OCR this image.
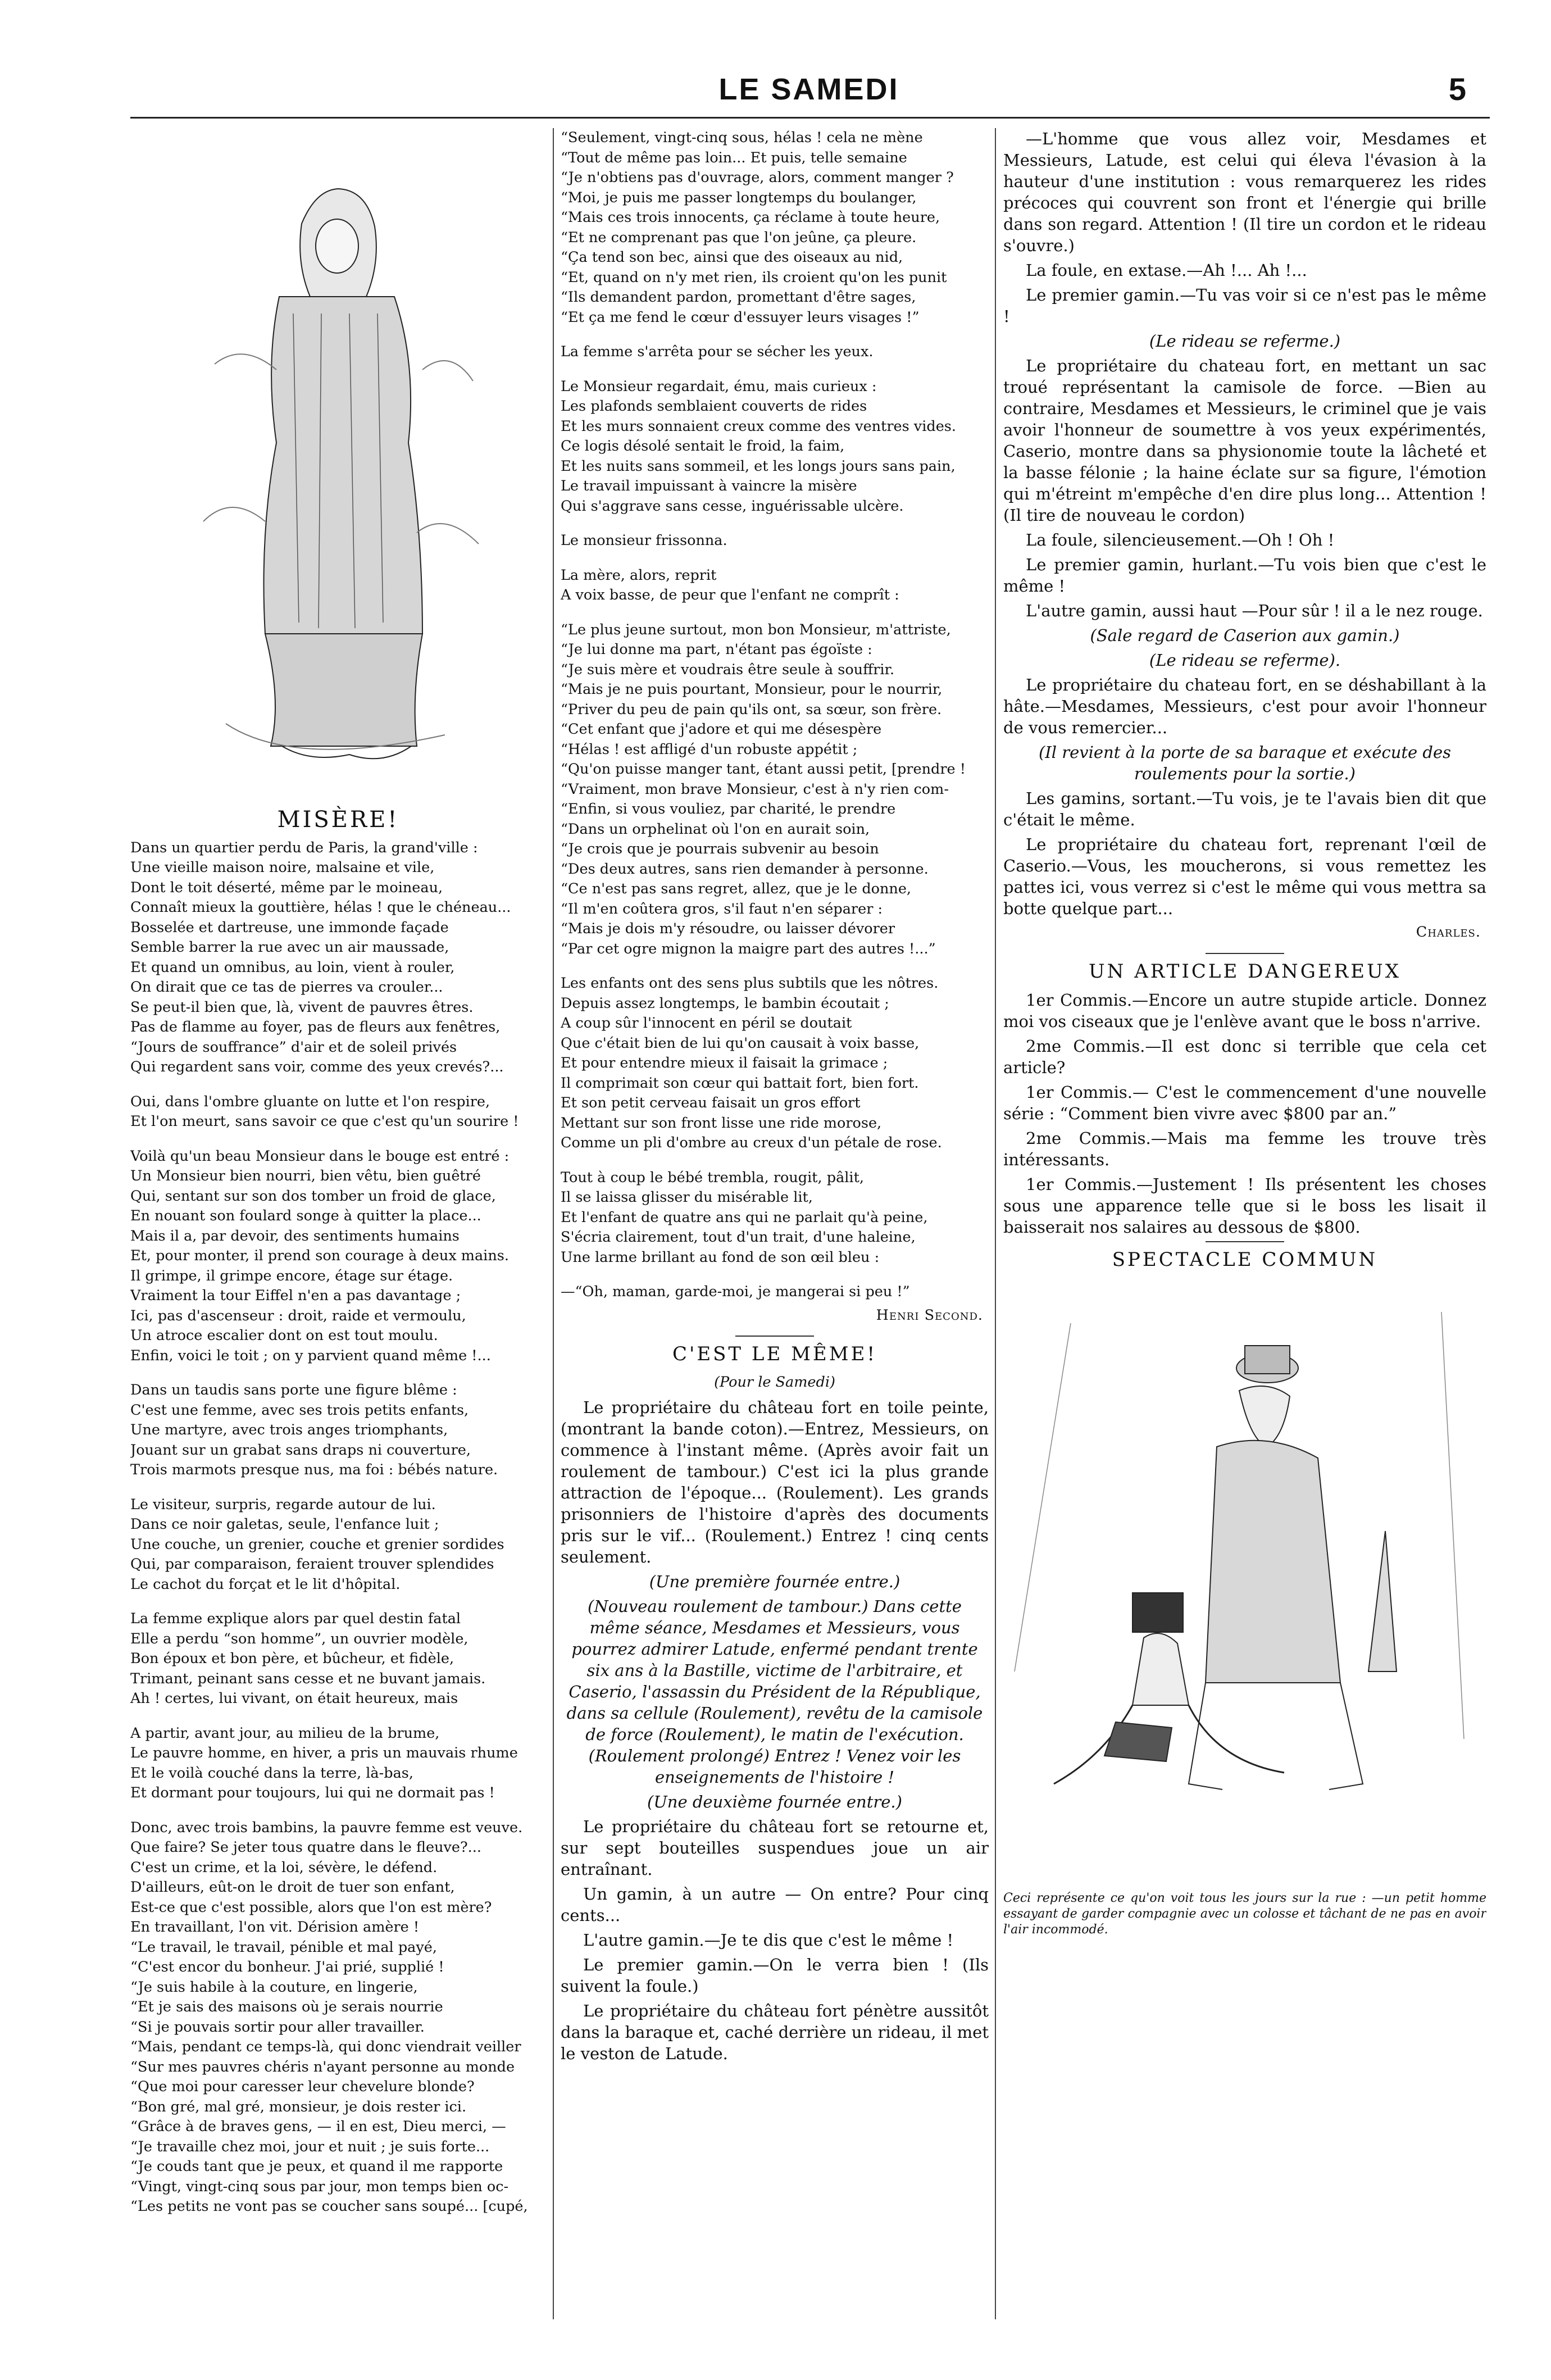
LE SAMEDI	5
MISÈRE!
Dans un quartier perdu de Paris, la grand'ville :
Une vieille maison noire, malsaine et vile,
Dont le toit déserté, même par le moineau,
Connaît mieux la gouttière, hélas ! que le chéneau...
Bosselée et dartreuse, une immonde façade
Semble barrer la rue avec un air maussade,
Et quand un omnibus, au loin, vient à rouler,
On dirait que ce tas de pierres va crouler...
Se peut-il bien que, là, vivent de pauvres êtres.
Pas de flamme au foyer, pas de fleurs aux fenêtres,
“Jours de souffrance” d'air et de soleil privés
Qui regardent sans voir, comme des yeux crevés?...
Oui, dans l'ombre gluante on lutte et l'on respire,
Et l'on meurt, sans savoir ce que c'est qu'un sourire !
Voilà qu'un beau Monsieur dans le bouge est entré :
Un Monsieur bien nourri, bien vêtu, bien guêtré
Qui, sentant sur son dos tomber un froid de glace,
En nouant son foulard songe à quitter la place...
Mais il a, par devoir, des sentiments humains
Et, pour monter, il prend son courage à deux mains.
Il grimpe, il grimpe encore, étage sur étage.
Vraiment la tour Eiffel n'en a pas davantage ;
Ici, pas d'ascenseur : droit, raide et vermoulu,
Un atroce escalier dont on est tout moulu.
Enfin, voici le toit ; on y parvient quand même !...
Dans un taudis sans porte une figure blême :
C'est une femme, avec ses trois petits enfants,
Une martyre, avec trois anges triomphants,
Jouant sur un grabat sans draps ni couverture,
Trois marmots presque nus, ma foi : bébés nature.
Le visiteur, surpris, regarde autour de lui.
Dans ce noir galetas, seule, l'enfance luit ;
Une couche, un grenier, couche et grenier sordides
Qui, par comparaison, feraient trouver splendides
Le cachot du forçat et le lit d'hôpital.
La femme explique alors par quel destin fatal
Elle a perdu “son homme”, un ouvrier modèle,
Bon époux et bon père, et bûcheur, et fidèle,
Trimant, peinant sans cesse et ne buvant jamais.
Ah ! certes, lui vivant, on était heureux, mais
A partir, avant jour, au milieu de la brume,
Le pauvre homme, en hiver, a pris un mauvais rhume
Et le voilà couché dans la terre, là-bas,
Et dormant pour toujours, lui qui ne dormait pas !
Donc, avec trois bambins, la pauvre femme est veuve.
Que faire? Se jeter tous quatre dans le fleuve?...
C'est un crime, et la loi, sévère, le défend.
D'ailleurs, eût-on le droit de tuer son enfant,
Est-ce que c'est possible, alors que l'on est mère?
En travaillant, l'on vit. Dérision amère !
“Le travail, le travail, pénible et mal payé,
“C'est encor du bonheur. J'ai prié, supplié !
“Je suis habile à la couture, en lingerie,
“Et je sais des maisons où je serais nourrie
“Si je pouvais sortir pour aller travailler.
“Mais, pendant ce temps-là, qui donc viendrait veiller
“Sur mes pauvres chéris n'ayant personne au monde
“Que moi pour caresser leur chevelure blonde?
“Bon gré, mal gré, monsieur, je dois rester ici.
“Grâce à de braves gens, — il en est, Dieu merci, —
“Je travaille chez moi, jour et nuit ; je suis forte...
“Je couds tant que je peux, et quand il me rapporte
“Vingt, vingt-cinq sous par jour, mon temps bien oc-
“Les petits ne vont pas se coucher sans soupé... [cupé,
“Seulement, vingt-cinq sous, hélas ! cela ne mène
“Tout de même pas loin... Et puis, telle semaine
“Je n'obtiens pas d'ouvrage, alors, comment manger ?
“Moi, je puis me passer longtemps du boulanger,
“Mais ces trois innocents, ça réclame à toute heure,
“Et ne comprenant pas que l'on jeûne, ça pleure.
“Ça tend son bec, ainsi que des oiseaux au nid,
“Et, quand on n'y met rien, ils croient qu'on les punit
“Ils demandent pardon, promettant d'être sages,
“Et ça me fend le cœur d'essuyer leurs visages !”
La femme s'arrêta pour se sécher les yeux.
Le Monsieur regardait, ému, mais curieux :
Les plafonds semblaient couverts de rides
Et les murs sonnaient creux comme des ventres vides.
Ce logis désolé sentait le froid, la faim,
Et les nuits sans sommeil, et les longs jours sans pain,
Le travail impuissant à vaincre la misère
Qui s'aggrave sans cesse, inguérissable ulcère.
Le monsieur frissonna.
La mère, alors, reprit
A voix basse, de peur que l'enfant ne comprît :
“Le plus jeune surtout, mon bon Monsieur, m'attriste,
“Je lui donne ma part, n'étant pas égoïste :
“Je suis mère et voudrais être seule à souffrir.
“Mais je ne puis pourtant, Monsieur, pour le nourrir,
“Priver du peu de pain qu'ils ont, sa sœur, son frère.
“Cet enfant que j'adore et qui me désespère
“Hélas ! est affligé d'un robuste appétit ;
“Qu'on puisse manger tant, étant aussi petit, [prendre !
“Vraiment, mon brave Monsieur, c'est à n'y rien com-
“Enfin, si vous vouliez, par charité, le prendre
“Dans un orphelinat où l'on en aurait soin,
“Je crois que je pourrais subvenir au besoin
“Des deux autres, sans rien demander à personne.
“Ce n'est pas sans regret, allez, que je le donne,
“Il m'en coûtera gros, s'il faut n'en séparer :
“Mais je dois m'y résoudre, ou laisser dévorer
“Par cet ogre mignon la maigre part des autres !...”
Les enfants ont des sens plus subtils que les nôtres.
Depuis assez longtemps, le bambin écoutait ;
A coup sûr l'innocent en péril se doutait
Que c'était bien de lui qu'on causait à voix basse,
Et pour entendre mieux il faisait la grimace ;
Il comprimait son cœur qui battait fort, bien fort.
Et son petit cerveau faisait un gros effort
Mettant sur son front lisse une ride morose,
Comme un pli d'ombre au creux d'un pétale de rose.
Tout à coup le bébé trembla, rougit, pâlit,
Il se laissa glisser du misérable lit,
Et l'enfant de quatre ans qui ne parlait qu'à peine,
S'écria clairement, tout d'un trait, d'une haleine,
Une larme brillant au fond de son œil bleu :
—“Oh, maman, garde-moi, je mangerai si peu !”
Henri Second.
C'EST LE MÊME!
(Pour le Samedi)
Le propriétaire du château fort en toile peinte, (montrant la bande coton).—Entrez, Messieurs, on commence à l'instant même. (Après avoir fait un roulement de tambour.) C'est ici la plus grande attraction de l'époque... (Roulement). Les grands prisonniers de l'histoire d'après des documents pris sur le vif... (Roulement.) Entrez ! cinq cents seulement.
(Une première fournée entre.)
(Nouveau roulement de tambour.) Dans cette même séance, Mesdames et Messieurs, vous pourrez admirer Latude, enfermé pendant trente six ans à la Bastille, victime de l'arbitraire, et Caserio, l'assassin du Président de la République, dans sa cellule (Roulement), revêtu de la camisole de force (Roulement), le matin de l'exécution. (Roulement prolongé) Entrez ! Venez voir les enseignements de l'histoire !
(Une deuxième fournée entre.)
Le propriétaire du château fort se retourne et, sur sept bouteilles suspendues joue un air entraînant.
Un gamin, à un autre — On entre? Pour cinq cents...
L'autre gamin.—Je te dis que c'est le même !
Le premier gamin.—On le verra bien ! (Ils suivent la foule.)
Le propriétaire du château fort pénètre aussitôt dans la baraque et, caché derrière un rideau, il met le veston de Latude.
—L'homme que vous allez voir, Mesdames et Messieurs, Latude, est celui qui éleva l'évasion à la hauteur d'une institution : vous remarquerez les rides précoces qui couvrent son front et l'énergie qui brille dans son regard. Attention ! (Il tire un cordon et le rideau s'ouvre.)
La foule, en extase.—Ah !... Ah !...
Le premier gamin.—Tu vas voir si ce n'est pas le même !
(Le rideau se referme.)
Le propriétaire du chateau fort, en mettant un sac troué représentant la camisole de force. —Bien au contraire, Mesdames et Messieurs, le criminel que je vais avoir l'honneur de soumettre à vos yeux expérimentés, Caserio, montre dans sa physionomie toute la lâcheté et la basse félonie ; la haine éclate sur sa figure, l'émotion qui m'étreint m'empêche d'en dire plus long... Attention ! (Il tire de nouveau le cordon)
La foule, silencieusement.—Oh ! Oh !
Le premier gamin, hurlant.—Tu vois bien que c'est le même !
L'autre gamin, aussi haut —Pour sûr ! il a le nez rouge.
(Sale regard de Caserion aux gamin.)
(Le rideau se referme).
Le propriétaire du chateau fort, en se déshabillant à la hâte.—Mesdames, Messieurs, c'est pour avoir l'honneur de vous remercier...
(Il revient à la porte de sa baraque et exécute des roulements pour la sortie.)
Les gamins, sortant.—Tu vois, je te l'avais bien dit que c'était le même.
Le propriétaire du chateau fort, reprenant l'œil de Caserio.—Vous, les moucherons, si vous remettez les pattes ici, vous verrez si c'est le même qui vous mettra sa botte quelque part...
Charles.
UN ARTICLE DANGEREUX
1er Commis.—Encore un autre stupide article. Donnez moi vos ciseaux que je l'enlève avant que le boss n'arrive.
2me Commis.—Il est donc si terrible que cela cet article?
1er Commis.— C'est le commencement d'une nouvelle série : “Comment bien vivre avec $800 par an.”
2me Commis.—Mais ma femme les trouve très intéressants.
1er Commis.—Justement ! Ils présentent les choses sous une apparence telle que si le boss les lisait il baisserait nos salaires au dessous de $800.
SPECTACLE COMMUN
Ceci représente ce qu'on voit tous les jours sur la rue : —un petit homme essayant de garder compagnie avec un colosse et tâchant de ne pas en avoir l'air incommodé.
